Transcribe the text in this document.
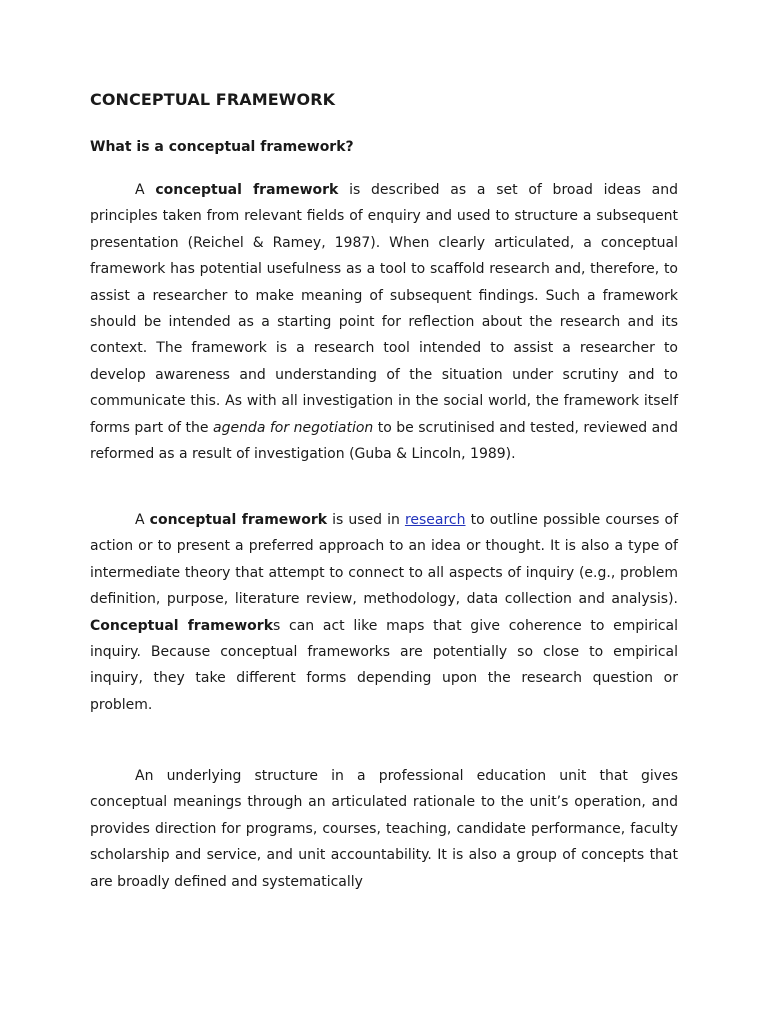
CONCEPTUAL FRAMEWORK
What is a conceptual framework?

A conceptual framework is described as a set of broad ideas and principles taken from relevant fields of enquiry and used to structure a subsequent presentation (Reichel & Ramey, 1987). When clearly articulated, a conceptual framework has potential usefulness as a tool to scaffold research and, therefore, to assist a researcher to make meaning of subsequent findings. Such a framework should be intended as a starting point for reflection about the research and its context. The framework is a research tool intended to assist a researcher to develop awareness and understanding of the situation under scrutiny and to communicate this. As with all investigation in the social world, the framework itself forms part of the agenda for negotiation to be scrutinised and tested, reviewed and reformed as a result of investigation (Guba & Lincoln, 1989).

A conceptual framework is used in research to outline possible courses of action or to present a preferred approach to an idea or thought. It is also a type of intermediate theory that attempt to connect to all aspects of inquiry (e.g., problem definition, purpose, literature review, methodology, data collection and analysis). Conceptual frameworks can act like maps that give coherence to empirical inquiry. Because conceptual frameworks are potentially so close to empirical inquiry, they take different forms depending upon the research question or problem.

An underlying structure in a professional education unit that gives conceptual meanings through an articulated rationale to the unit’s operation, and provides direction for programs, courses, teaching, candidate performance, faculty scholarship and service, and unit accountability. It is also a group of concepts that are broadly defined and systematically
